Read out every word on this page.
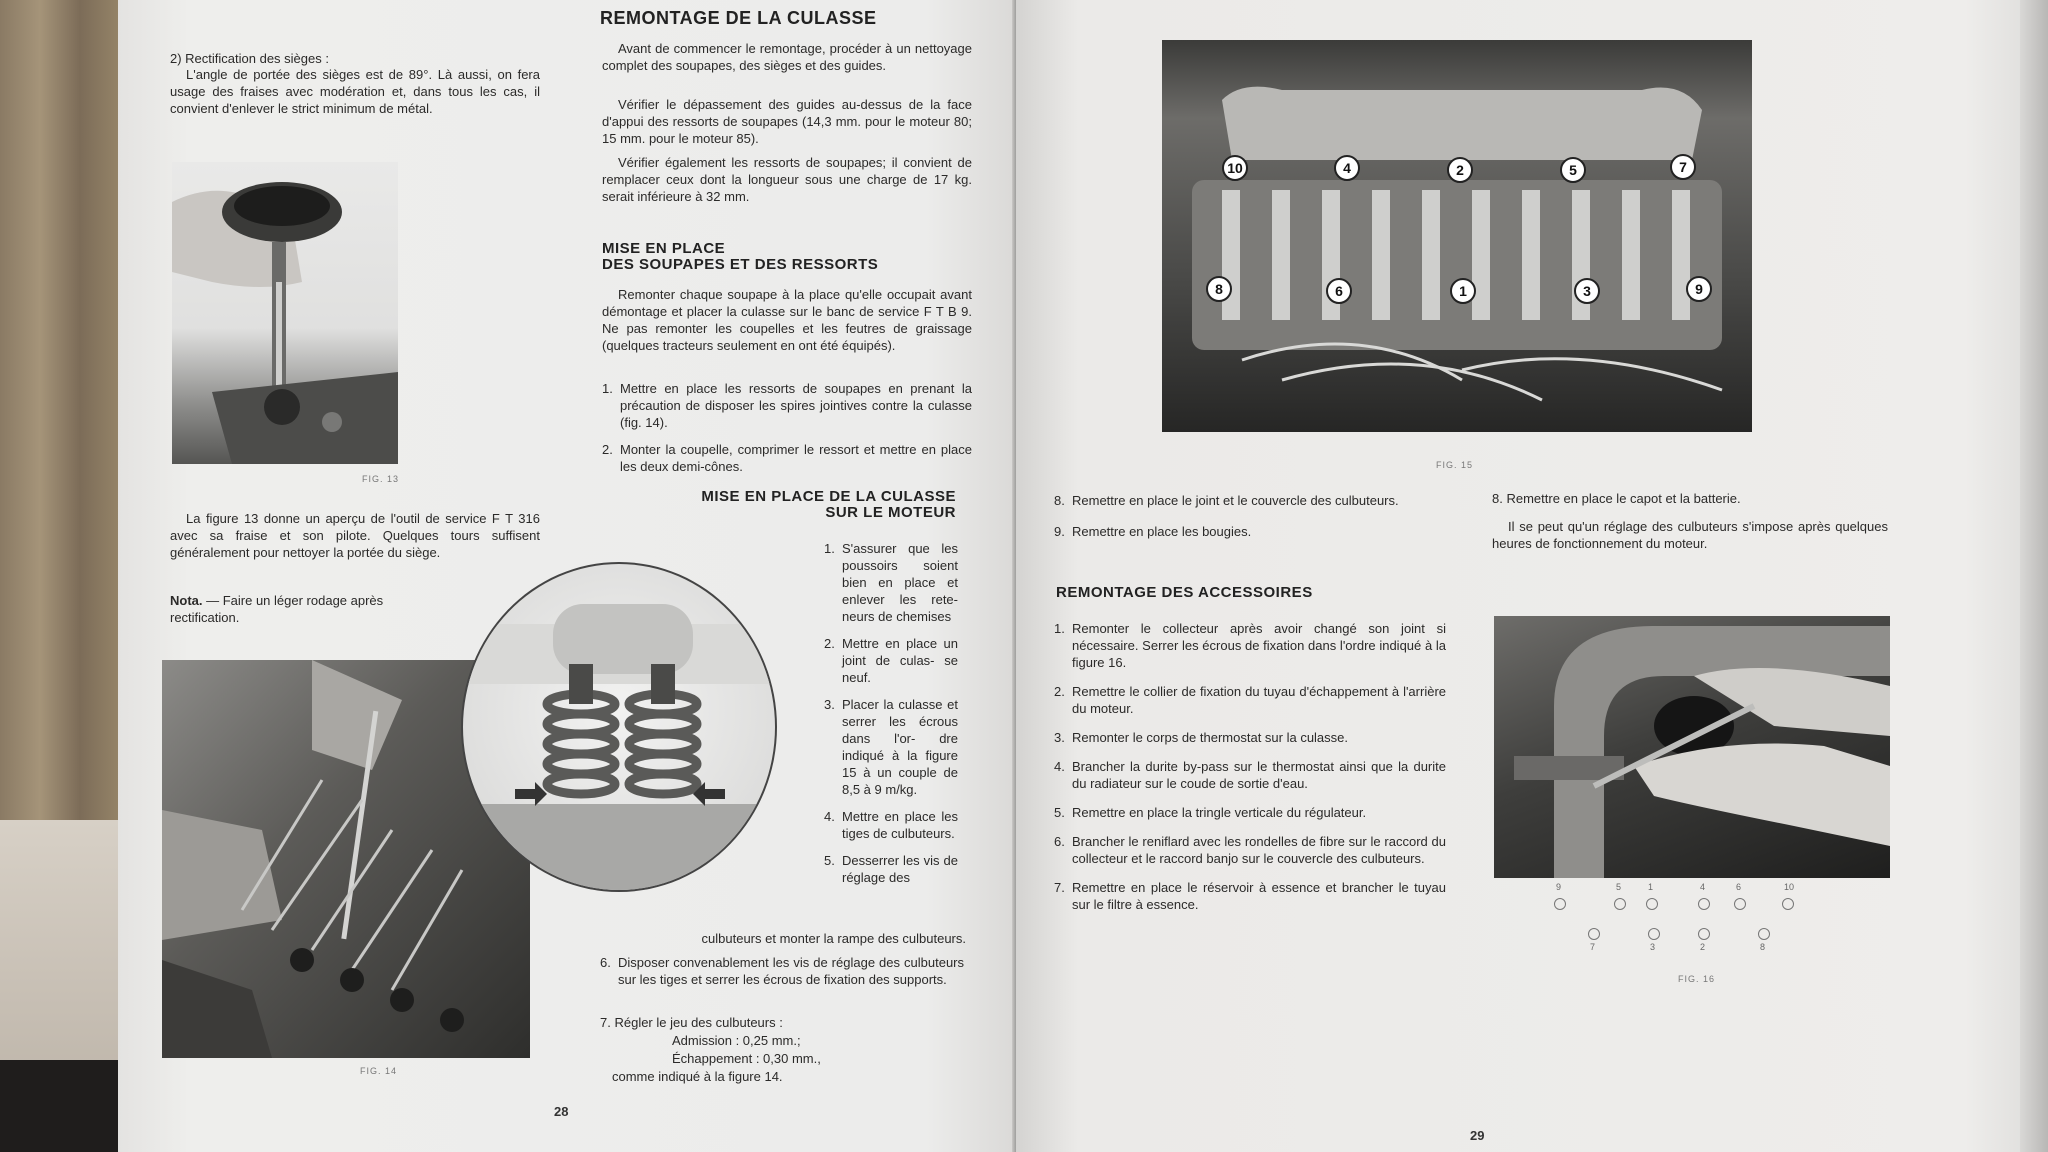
2) Rectification des sièges :
L'angle de portée des sièges est de 89°. Là aussi, on fera usage des fraises avec modération et, dans tous les cas, il convient d'enlever le strict minimum de métal.
FIG. 13
La figure 13 donne un aperçu de l'outil de service F T 316 avec sa fraise et son pilote. Quelques tours suffisent généralement pour nettoyer la portée du siège.
Nota. — Faire un léger rodage après rectification.
FIG. 14
REMONTAGE DE LA CULASSE
Avant de commencer le remontage, procéder à un nettoyage complet des soupapes, des sièges et des guides.
Vérifier le dépassement des guides au-dessus de la face d'appui des ressorts de soupapes (14,3 mm. pour le moteur 80; 15 mm. pour le moteur 85).
Vérifier également les ressorts de soupapes; il convient de remplacer ceux dont la longueur sous une charge de 17 kg. serait inférieure à 32 mm.
MISE EN PLACE
DES SOUPAPES ET DES RESSORTS
Remonter chaque soupape à la place qu'elle occupait avant démontage et placer la culasse sur le banc de service F T B 9. Ne pas remonter les coupelles et les feutres de graissage (quelques tracteurs seulement en ont été équipés).
1. Mettre en place les ressorts de soupapes en prenant la précaution de disposer les spires jointives contre la culasse (fig. 14).
2. Monter la coupelle, comprimer le ressort et mettre en place les deux demi-cônes.
MISE EN PLACE DE LA CULASSE
SUR LE MOTEUR
1. S'assurer que les poussoirs soient bien en place et enlever les rete- neurs de chemises
2. Mettre en place un joint de culas- se neuf.
3. Placer la culasse et serrer les écrous dans l'or- dre indiqué à la figure 15 à un couple de 8,5 à 9 m/kg.
4. Mettre en place les tiges de culbuteurs.
5. Desserrer les vis de réglage des
culbuteurs et monter la rampe des culbuteurs.
6. Disposer convenablement les vis de réglage des culbuteurs sur les tiges et serrer les écrous de fixation des supports.
7. Régler le jeu des culbuteurs :
Admission : 0,25 mm.;
Échappement : 0,30 mm.,
comme indiqué à la figure 14.
28
10	4	2	5	7
8	6	1	3	9
FIG. 15
8. Remettre en place le joint et le couvercle des culbuteurs.
9. Remettre en place les bougies.
REMONTAGE DES ACCESSOIRES
1. Remonter le collecteur après avoir changé son joint si nécessaire. Serrer les écrous de fixation dans l'ordre indiqué à la figure 16.
2. Remettre le collier de fixation du tuyau d'échappement à l'arrière du moteur.
3. Remonter le corps de thermostat sur la culasse.
4. Brancher la durite by-pass sur le thermostat ainsi que la durite du radiateur sur le coude de sortie d'eau.
5. Remettre en place la tringle verticale du régulateur.
6. Brancher le reniflard avec les rondelles de fibre sur le raccord du collecteur et le raccord banjo sur le couvercle des culbuteurs.
7. Remettre en place le réservoir à essence et brancher le tuyau sur le filtre à essence.
8. Remettre en place le capot et la batterie.
Il se peut qu'un réglage des culbuteurs s'impose après quelques heures de fonctionnement du moteur.
9	5	1	4	6	10
7	3	2	8
FIG. 16
29
